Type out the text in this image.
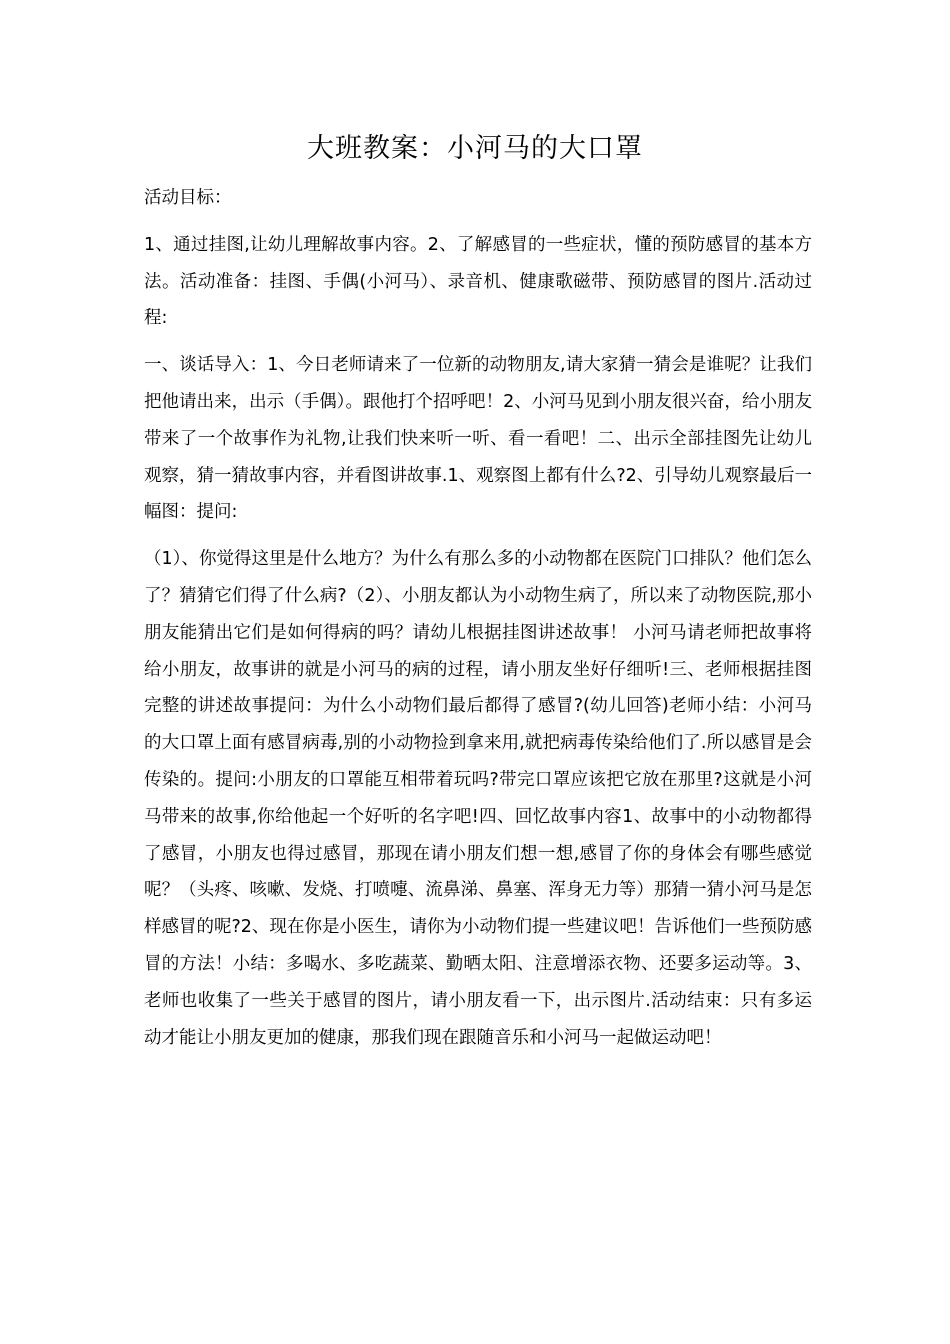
大班教案：小河马的大口罩

活动目标：

1、通过挂图,让幼儿理解故事内容。2、了解感冒的一些症状，懂的预防感冒的基本方法。活动准备：挂图、手偶(小河马）、录音机、健康歌磁带、预防感冒的图片.活动过程:

一、谈话导入：1、今日老师请来了一位新的动物朋友,请大家猜一猜会是谁呢？让我们把他请出来，出示（手偶）。跟他打个招呼吧！2、小河马见到小朋友很兴奋，给小朋友带来了一个故事作为礼物,让我们快来听一听、看一看吧！二、出示全部挂图先让幼儿观察，猜一猜故事内容，并看图讲故事.1、观察图上都有什么?2、引导幼儿观察最后一幅图：提问:

（1）、你觉得这里是什么地方？为什么有那么多的小动物都在医院门口排队？他们怎么了？猜猜它们得了什么病?（2）、小朋友都认为小动物生病了，所以来了动物医院,那小朋友能猜出它们是如何得病的吗？请幼儿根据挂图讲述故事！ 小河马请老师把故事将给小朋友，故事讲的就是小河马的病的过程，请小朋友坐好仔细听!三、老师根据挂图完整的讲述故事提问：为什么小动物们最后都得了感冒?(幼儿回答)老师小结：小河马的大口罩上面有感冒病毒,别的小动物捡到拿来用,就把病毒传染给他们了.所以感冒是会传染的。提问:小朋友的口罩能互相带着玩吗?带完口罩应该把它放在那里?这就是小河马带来的故事,你给他起一个好听的名字吧!四、回忆故事内容1、故事中的小动物都得了感冒，小朋友也得过感冒，那现在请小朋友们想一想,感冒了你的身体会有哪些感觉呢？（头疼、咳嗽、发烧、打喷嚏、流鼻涕、鼻塞、浑身无力等）那猜一猜小河马是怎样感冒的呢?2、现在你是小医生，请你为小动物们提一些建议吧！告诉他们一些预防感冒的方法！小结：多喝水、多吃蔬菜、勤晒太阳、注意增添衣物、还要多运动等。3、老师也收集了一些关于感冒的图片，请小朋友看一下，出示图片.活动结束：只有多运动才能让小朋友更加的健康，那我们现在跟随音乐和小河马一起做运动吧！
